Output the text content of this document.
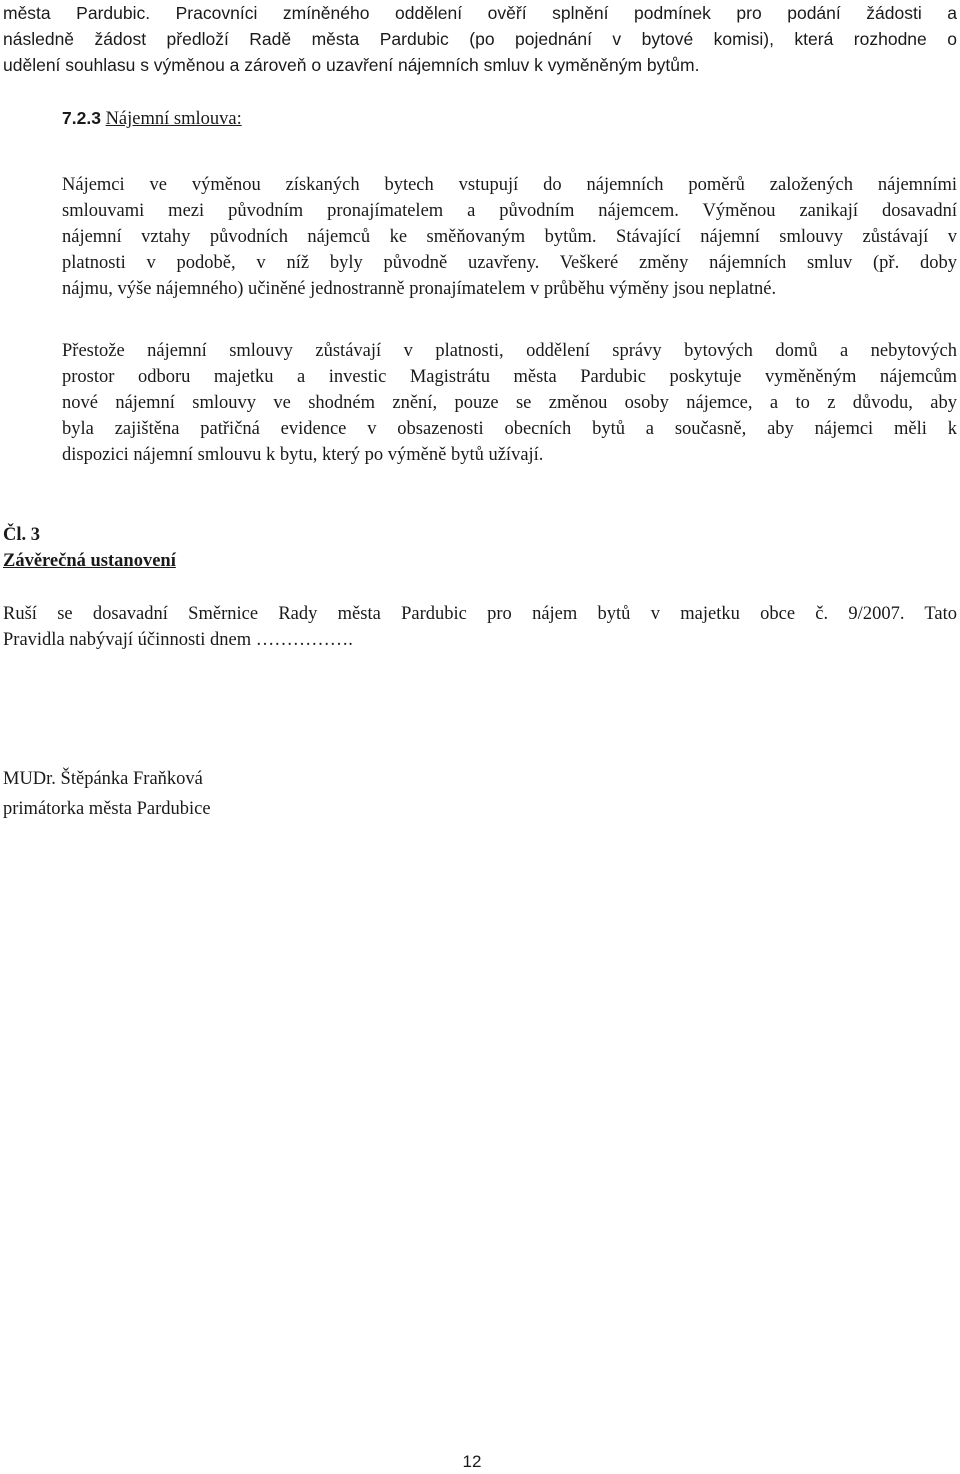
města Pardubic. Pracovníci zmíněného oddělení ověří splnění podmínek pro podání žádosti a
následně žádost předloží Radě města Pardubic (po pojednání v bytové komisi), která rozhodne o
udělení souhlasu s výměnou a zároveň o uzavření nájemních smluv k vyměněným bytům.
7.2.3 Nájemní smlouva:
Nájemci ve výměnou získaných bytech vstupují do nájemních poměrů založených nájemními
smlouvami mezi původním pronajímatelem a původním nájemcem. Výměnou zanikají dosavadní
nájemní vztahy původních nájemců ke směňovaným bytům. Stávající nájemní smlouvy zůstávají v
platnosti v podobě, v níž byly původně uzavřeny. Veškeré změny nájemních smluv (př. doby
nájmu, výše nájemného) učiněné jednostranně pronajímatelem v průběhu výměny jsou neplatné.
Přestože nájemní smlouvy zůstávají v platnosti, oddělení správy bytových domů a nebytových
prostor odboru majetku a investic Magistrátu města Pardubic poskytuje vyměněným nájemcům
nové nájemní smlouvy ve shodném znění, pouze se změnou osoby nájemce, a to z důvodu, aby
byla zajištěna patřičná evidence v obsazenosti obecních bytů a současně, aby nájemci měli k
dispozici nájemní smlouvu k bytu, který po výměně bytů užívají.
Čl. 3
Závěrečná ustanovení
Ruší se dosavadní Směrnice Rady města Pardubic pro nájem bytů v majetku obce č. 9/2007. Tato
Pravidla nabývají účinnosti dnem …………….
MUDr. Štěpánka Fraňková
primátorka města Pardubice
12
